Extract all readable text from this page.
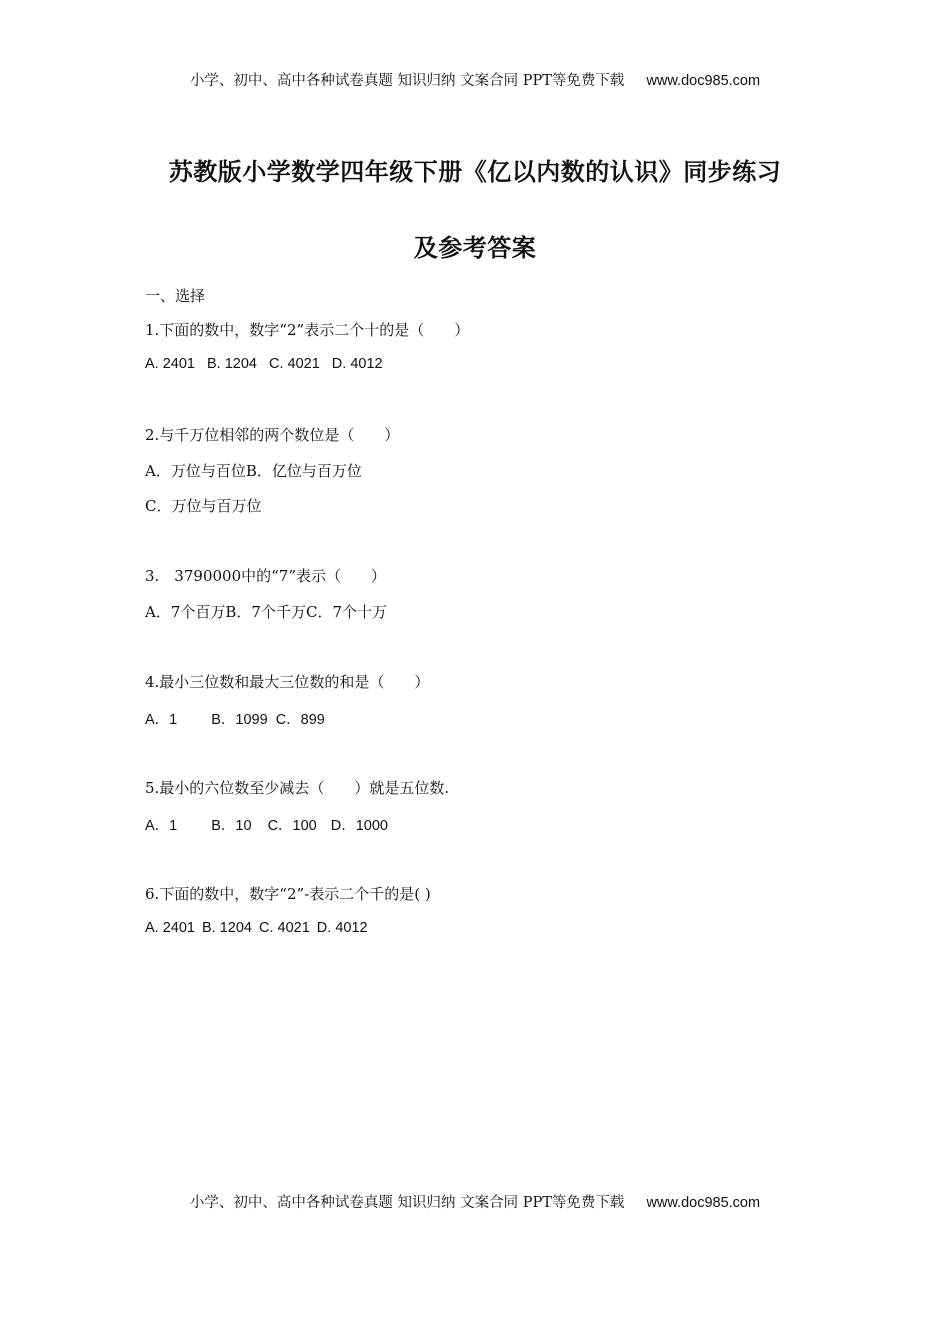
小学、初中、高中各种试卷真题 知识归纳 文案合同 PPT等免费下载 www.doc985.com
苏教版小学数学四年级下册《亿以内数的认识》同步练习
及参考答案
一、选择
1.下面的数中，数字“2”表示二个十的是（　　）
A. 2401 B. 1204 C. 4021 D. 4012
2.与千万位相邻的两个数位是（　　）
A．万位与百位B．亿位与百万位
C．万位与百万位
3.　3790000中的“7”表示（　　）
A．7个百万B．7个千万C．7个十万
4.最小三位数和最大三位数的和是（　　）
A．1 B．1099 C．899
5.最小的六位数至少减去（　　）就是五位数.
A．1 B．10 C．100 D．1000
6.下面的数中，数字“2”-表示二个千的是( )
A. 2401 B. 1204 C. 4021 D. 4012
小学、初中、高中各种试卷真题 知识归纳 文案合同 PPT等免费下载 www.doc985.com
